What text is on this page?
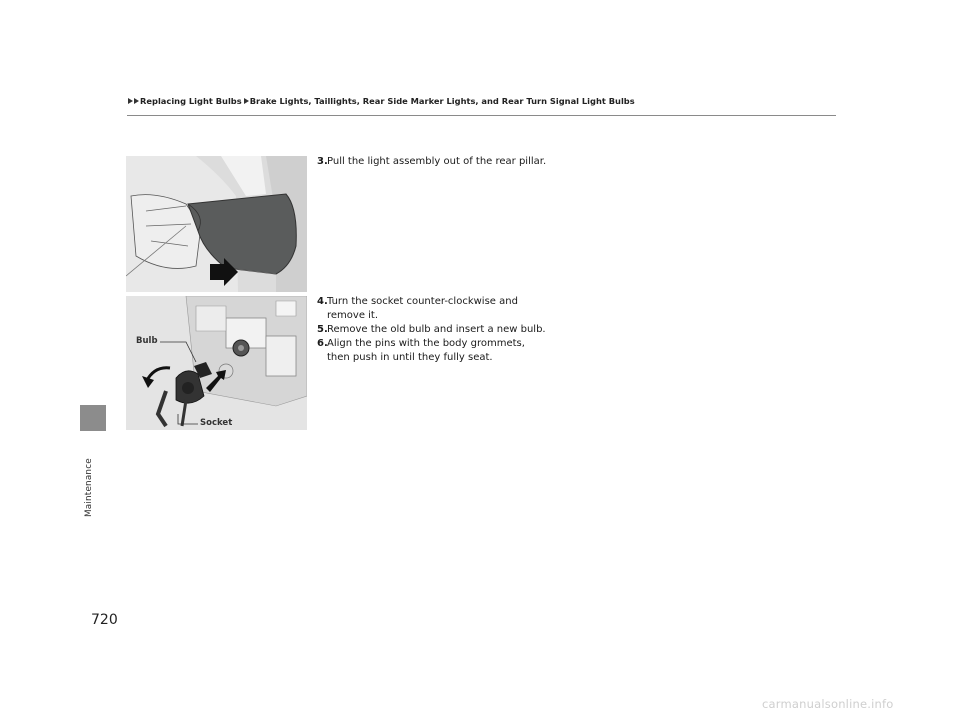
Replacing Light Bulbs Brake Lights, Taillights, Rear Side Marker Lights, and Rear Turn Signal Light Bulbs
Maintenance
Bulb
Socket
3. Pull the light assembly out of the rear pillar.
4. Turn the socket counter-clockwise and
remove it.
5. Remove the old bulb and insert a new bulb.
6. Align the pins with the body grommets,
then push in until they fully seat.
720
carmanualsonline.info
